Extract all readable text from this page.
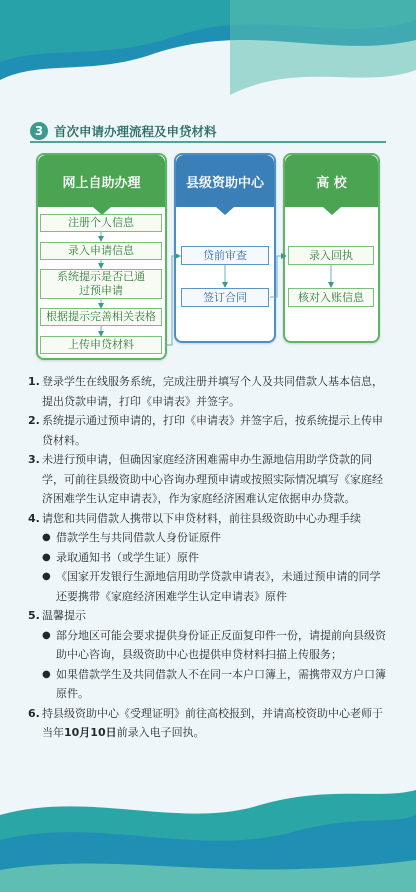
3 首次申请办理流程及申贷材料
网上自助办理	县级资助中心	高 校
注册个人信息
录入申请信息
系统提示是否已通过预申请
根据提示完善相关表格
上传申贷材料
贷前审查
签订合同
录入回执
核对入账信息
1. 登录学生在线服务系统，完成注册并填写个人及共同借款人基本信息，提出贷款申请，打印《申请表》并签字。
2. 系统提示通过预申请的，打印《申请表》并签字后，按系统提示上传申贷材料。
3. 未进行预申请，但确因家庭经济困难需申办生源地信用助学贷款的同学，可前往县级资助中心咨询办理预申请或按照实际情况填写《家庭经济困难学生认定申请表》，作为家庭经济困难认定依据申办贷款。
4. 请您和共同借款人携带以下申贷材料，前往县级资助中心办理手续
● 借款学生与共同借款人身份证原件
● 录取通知书（或学生证）原件
● 《国家开发银行生源地信用助学贷款申请表》，未通过预申请的同学还要携带《家庭经济困难学生认定申请表》原件
5. 温馨提示
● 部分地区可能会要求提供身份证正反面复印件一份，请提前向县级资助中心咨询，县级资助中心也提供申贷材料扫描上传服务；
● 如果借款学生及共同借款人不在同一本户口簿上，需携带双方户口簿原件。
6. 持县级资助中心《受理证明》前往高校报到，并请高校资助中心老师于当年10月10日前录入电子回执。
